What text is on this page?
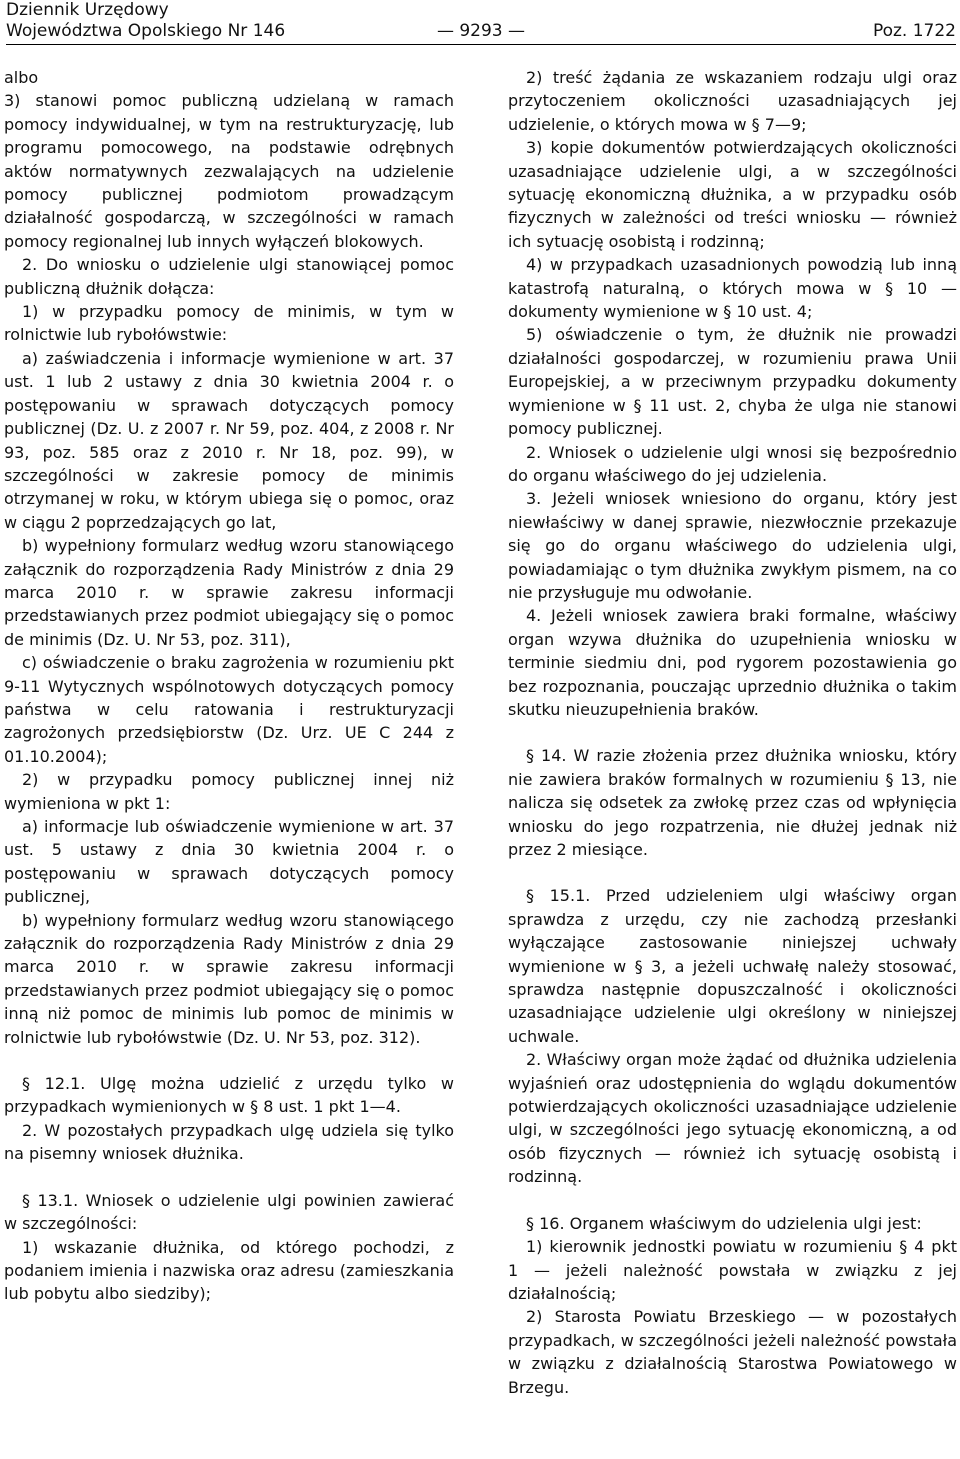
Dziennik Urzędowy
Województwa Opolskiego Nr 146	— 9293 —	Poz. 1722

albo

3) stanowi pomoc publiczną udzielaną w ramach pomocy indywidualnej, w tym na restrukturyzację, lub programu pomocowego, na podstawie odrębnych aktów normatywnych zezwalających na udzielenie pomocy publicznej podmiotom prowadzącym działalność gospodarczą, w szczególności w ramach pomocy regionalnej lub innych wyłączeń blokowych.

2. Do wniosku o udzielenie ulgi stanowiącej pomoc publiczną dłużnik dołącza:

1) w przypadku pomocy de minimis, w tym w rolnictwie lub rybołówstwie:

a) zaświadczenia i informacje wymienione w art. 37 ust. 1 lub 2 ustawy z dnia 30 kwietnia 2004 r. o postępowaniu w sprawach dotyczących pomocy publicznej (Dz. U. z 2007 r. Nr 59, poz. 404, z 2008 r. Nr 93, poz. 585 oraz z 2010 r. Nr 18, poz. 99), w szczególności w zakresie pomocy de minimis otrzymanej w roku, w którym ubiega się o pomoc, oraz w ciągu 2 poprzedzających go lat,

b) wypełniony formularz według wzoru stanowiącego załącznik do rozporządzenia Rady Ministrów z dnia 29 marca 2010 r. w sprawie zakresu informacji przedstawianych przez podmiot ubiegający się o pomoc de minimis (Dz. U. Nr 53, poz. 311),

c) oświadczenie o braku zagrożenia w rozumieniu pkt 9-11 Wytycznych wspólnotowych dotyczących pomocy państwa w celu ratowania i restrukturyzacji zagrożonych przedsiębiorstw (Dz. Urz. UE C 244 z 01.10.2004);

2) w przypadku pomocy publicznej innej niż wymieniona w pkt 1:

a) informacje lub oświadczenie wymienione w art. 37 ust. 5 ustawy z dnia 30 kwietnia 2004 r. o postępowaniu w sprawach dotyczących pomocy publicznej,

b) wypełniony formularz według wzoru stanowiącego załącznik do rozporządzenia Rady Ministrów z dnia 29 marca 2010 r. w sprawie zakresu informacji przedstawianych przez podmiot ubiegający się o pomoc inną niż pomoc de minimis lub pomoc de minimis w rolnictwie lub rybołówstwie (Dz. U. Nr 53, poz. 312).

§ 12.1. Ulgę można udzielić z urzędu tylko w przypadkach wymienionych w § 8 ust. 1 pkt 1—4.

2. W pozostałych przypadkach ulgę udziela się tylko na pisemny wniosek dłużnika.

§ 13.1. Wniosek o udzielenie ulgi powinien zawierać w szczególności:

1) wskazanie dłużnika, od którego pochodzi, z podaniem imienia i nazwiska oraz adresu (zamieszkania lub pobytu albo siedziby);

2) treść żądania ze wskazaniem rodzaju ulgi oraz przytoczeniem okoliczności uzasadniających jej udzielenie, o których mowa w § 7—9;

3) kopie dokumentów potwierdzających okoliczności uzasadniające udzielenie ulgi, a w szczególności sytuację ekonomiczną dłużnika, a w przypadku osób fizycznych w zależności od treści wniosku — również ich sytuację osobistą i rodzinną;

4) w przypadkach uzasadnionych powodzią lub inną katastrofą naturalną, o których mowa w § 10 — dokumenty wymienione w § 10 ust. 4;

5) oświadczenie o tym, że dłużnik nie prowadzi działalności gospodarczej, w rozumieniu prawa Unii Europejskiej, a w przeciwnym przypadku dokumenty wymienione w § 11 ust. 2, chyba że ulga nie stanowi pomocy publicznej.

2. Wniosek o udzielenie ulgi wnosi się bezpośrednio do organu właściwego do jej udzielenia.

3. Jeżeli wniosek wniesiono do organu, który jest niewłaściwy w danej sprawie, niezwłocznie przekazuje się go do organu właściwego do udzielenia ulgi, powiadamiając o tym dłużnika zwykłym pismem, na co nie przysługuje mu odwołanie.

4. Jeżeli wniosek zawiera braki formalne, właściwy organ wzywa dłużnika do uzupełnienia wniosku w terminie siedmiu dni, pod rygorem pozostawienia go bez rozpoznania, pouczając uprzednio dłużnika o takim skutku nieuzupełnienia braków.

§ 14. W razie złożenia przez dłużnika wniosku, który nie zawiera braków formalnych w rozumieniu § 13, nie nalicza się odsetek za zwłokę przez czas od wpłynięcia wniosku do jego rozpatrzenia, nie dłużej jednak niż przez 2 miesiące.

§ 15.1. Przed udzieleniem ulgi właściwy organ sprawdza z urzędu, czy nie zachodzą przesłanki wyłączające zastosowanie niniejszej uchwały wymienione w § 3, a jeżeli uchwałę należy stosować, sprawdza następnie dopuszczalność i okoliczności uzasadniające udzielenie ulgi określony w niniejszej uchwale.

2. Właściwy organ może żądać od dłużnika udzielenia wyjaśnień oraz udostępnienia do wglądu dokumentów potwierdzających okoliczności uzasadniające udzielenie ulgi, w szczególności jego sytuację ekonomiczną, a od osób fizycznych — również ich sytuację osobistą i rodzinną.

§ 16. Organem właściwym do udzielenia ulgi jest:

1) kierownik jednostki powiatu w rozumieniu § 4 pkt 1 — jeżeli należność powstała w związku z jej działalnością;

2) Starosta Powiatu Brzeskiego — w pozostałych przypadkach, w szczególności jeżeli należność powstała w związku z działalnością Starostwa Powiatowego w Brzegu.
